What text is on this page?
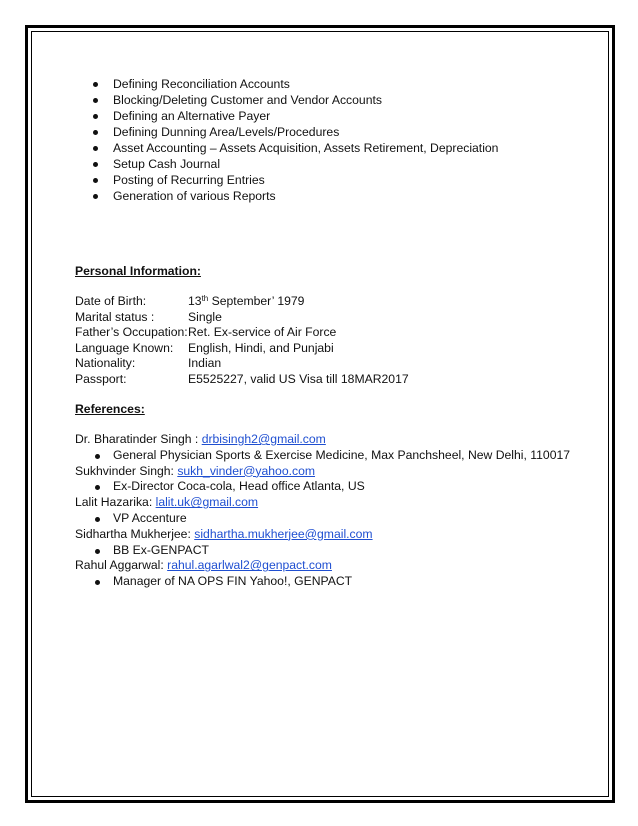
Defining Reconciliation Accounts
Blocking/Deleting Customer and Vendor Accounts
Defining an Alternative Payer
Defining Dunning Area/Levels/Procedures
Asset Accounting – Assets Acquisition, Assets Retirement, Depreciation
Setup Cash Journal
Posting of Recurring Entries
Generation of various Reports
Personal Information:
Date of Birth:	13th September’ 1979
Marital status :	Single
Father’s Occupation:	Ret. Ex-service of Air Force
Language Known:	English, Hindi, and Punjabi
Nationality:	Indian
Passport:	E5525227, valid US Visa till 18MAR2017
References:
Dr. Bharatinder Singh : drbisingh2@gmail.com
General Physician Sports & Exercise Medicine, Max Panchsheel, New Delhi, 110017
Sukhvinder Singh: sukh_vinder@yahoo.com
Ex-Director Coca-cola, Head office Atlanta, US
Lalit Hazarika: lalit.uk@gmail.com
VP Accenture
Sidhartha Mukherjee: sidhartha.mukherjee@gmail.com
BB Ex-GENPACT
Rahul Aggarwal: rahul.agarlwal2@genpact.com
Manager of NA OPS FIN Yahoo!, GENPACT
